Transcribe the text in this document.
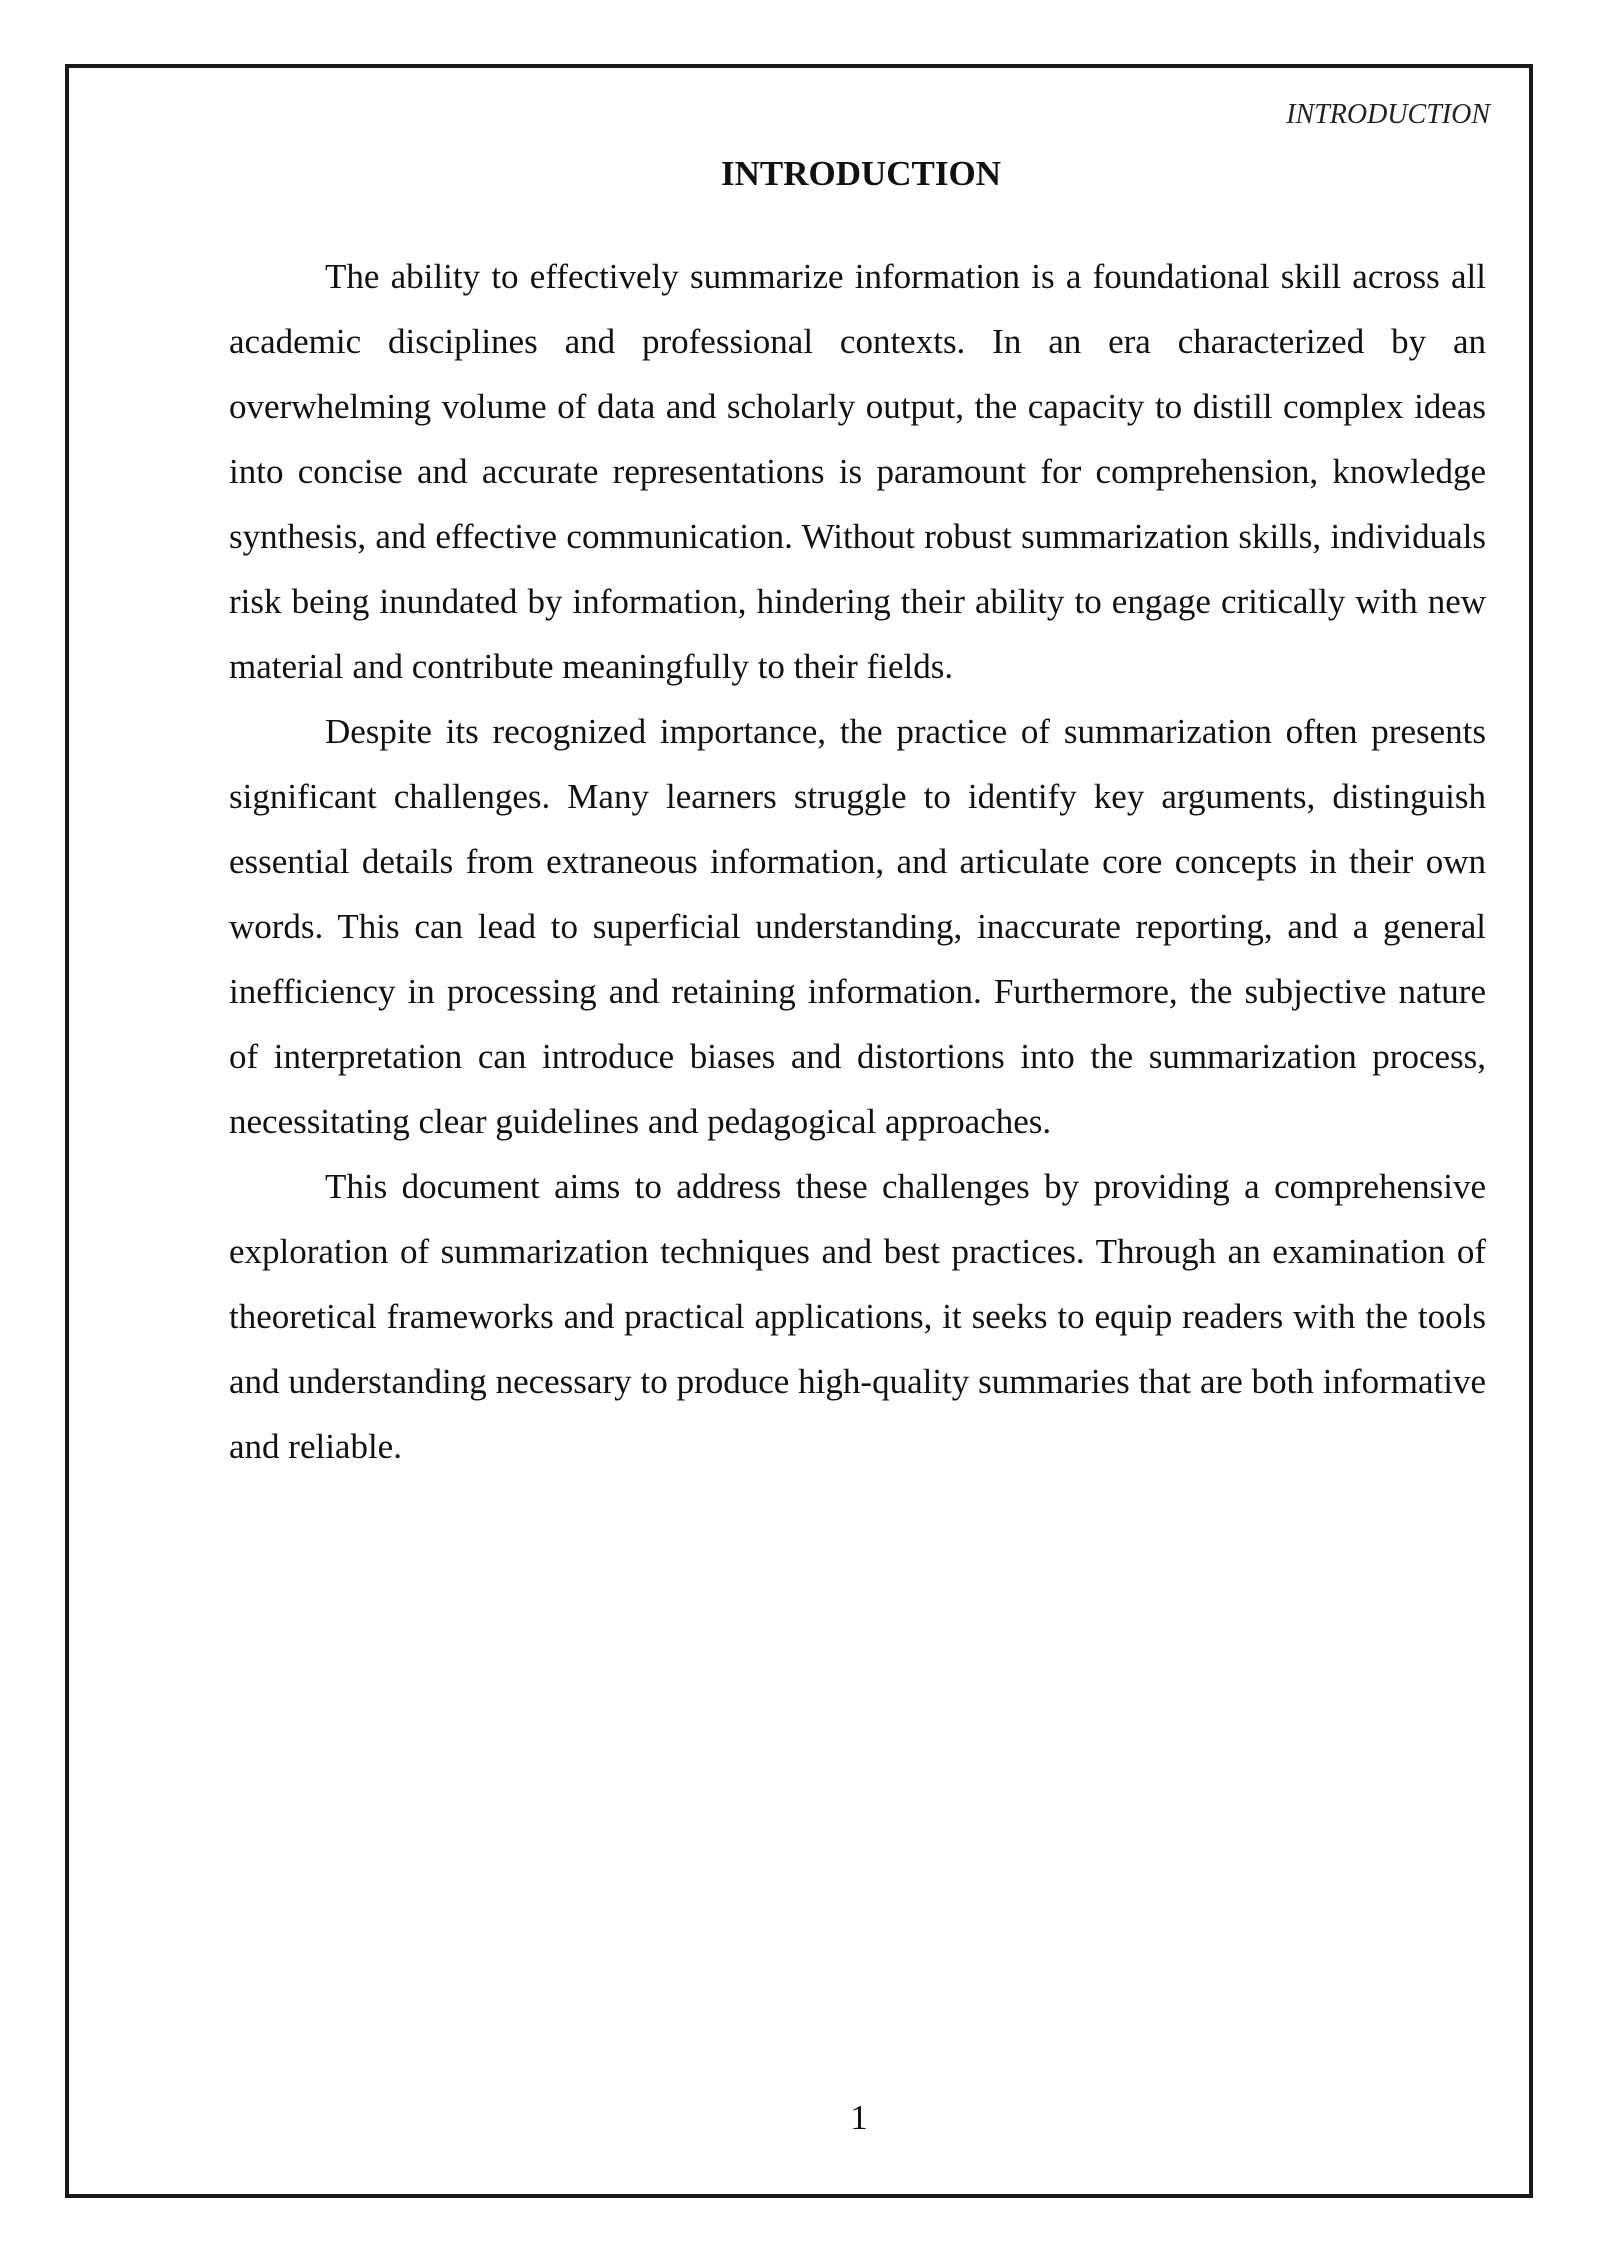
INTRODUCTION
INTRODUCTION

The ability to effectively summarize information is a foundational skill across all academic disciplines and professional contexts. In an era characterized by an overwhelming volume of data and scholarly output, the capacity to distill complex ideas into concise and accurate representations is paramount for comprehension, knowledge synthesis, and effective communication. Without robust summarization skills, individuals risk being inundated by information, hindering their ability to engage critically with new material and contribute meaningfully to their fields.

Despite its recognized importance, the practice of summarization often presents significant challenges. Many learners struggle to identify key arguments, distinguish essential details from extraneous information, and articulate core concepts in their own words. This can lead to superficial understanding, inaccurate reporting, and a general inefficiency in processing and retaining information. Furthermore, the subjective nature of interpretation can introduce biases and distortions into the summarization process, necessitating clear guidelines and pedagogical approaches.

This document aims to address these challenges by providing a comprehensive exploration of summarization techniques and best practices. Through an examination of theoretical frameworks and practical applications, it seeks to equip readers with the tools and understanding necessary to produce high-quality summaries that are both informative and reliable.

1
